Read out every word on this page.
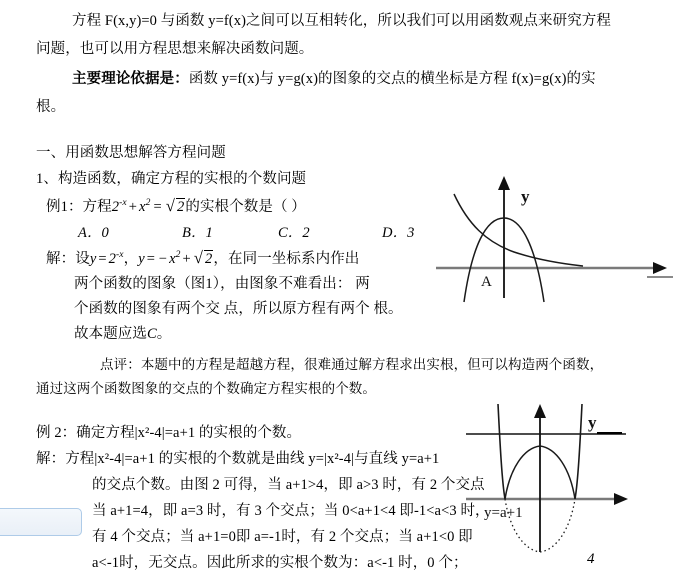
方程 F(x,y)=0 与函数 y=f(x)之间可以互相转化，所以我们可以用函数观点来研究方程
问题，也可以用方程思想来解决函数问题。
主要理论依据是：函数 y=f(x)与 y=g(x)的图象的交点的横坐标是方程 f(x)=g(x)的实
根。
一、用函数思想解答方程问题
1、构造函数，确定方程的实根的个数问题
例1：方程$2^{-x} + x^2$ = √ 2的实根个数是（ ）
A．0	B．1	C．2	D．3
解：设$y = 2^{-x}$，y = − $x^2$ + √ 2，在同一坐标系内作出
两个函数的图象（图1），由图象不难看出： 两
个函数的图象有两个交 点，所以原方程有两个 根。
故本题应选C。
点评：本题中的方程是超越方程，很难通过解方程求出实根，但可以构造两个函数，
通过这两个函数图象的交点的个数确定方程实根的个数。
例 2：确定方程|x²-4|=a+1 的实根的个数。
解：方程|x²-4|=a+1 的实根的个数就是曲线 y=|x²-4|与直线 y=a+1
的交点个数。由图 2 可得，当 a+1>4，即 a>3 时，有 2 个交点
当 a+1=4，即 a=3 时，有 3 个交点；当 0<a+1<4 即-1<a<3 时，
有 4 个交点；当 a+1=0即 a=-1时，有 2 个交点；当 a+1<0 即
a<-1时，无交点。因此所求的实根个数为：a<-1 时，0 个；
y
A
y
y=a+1
4
